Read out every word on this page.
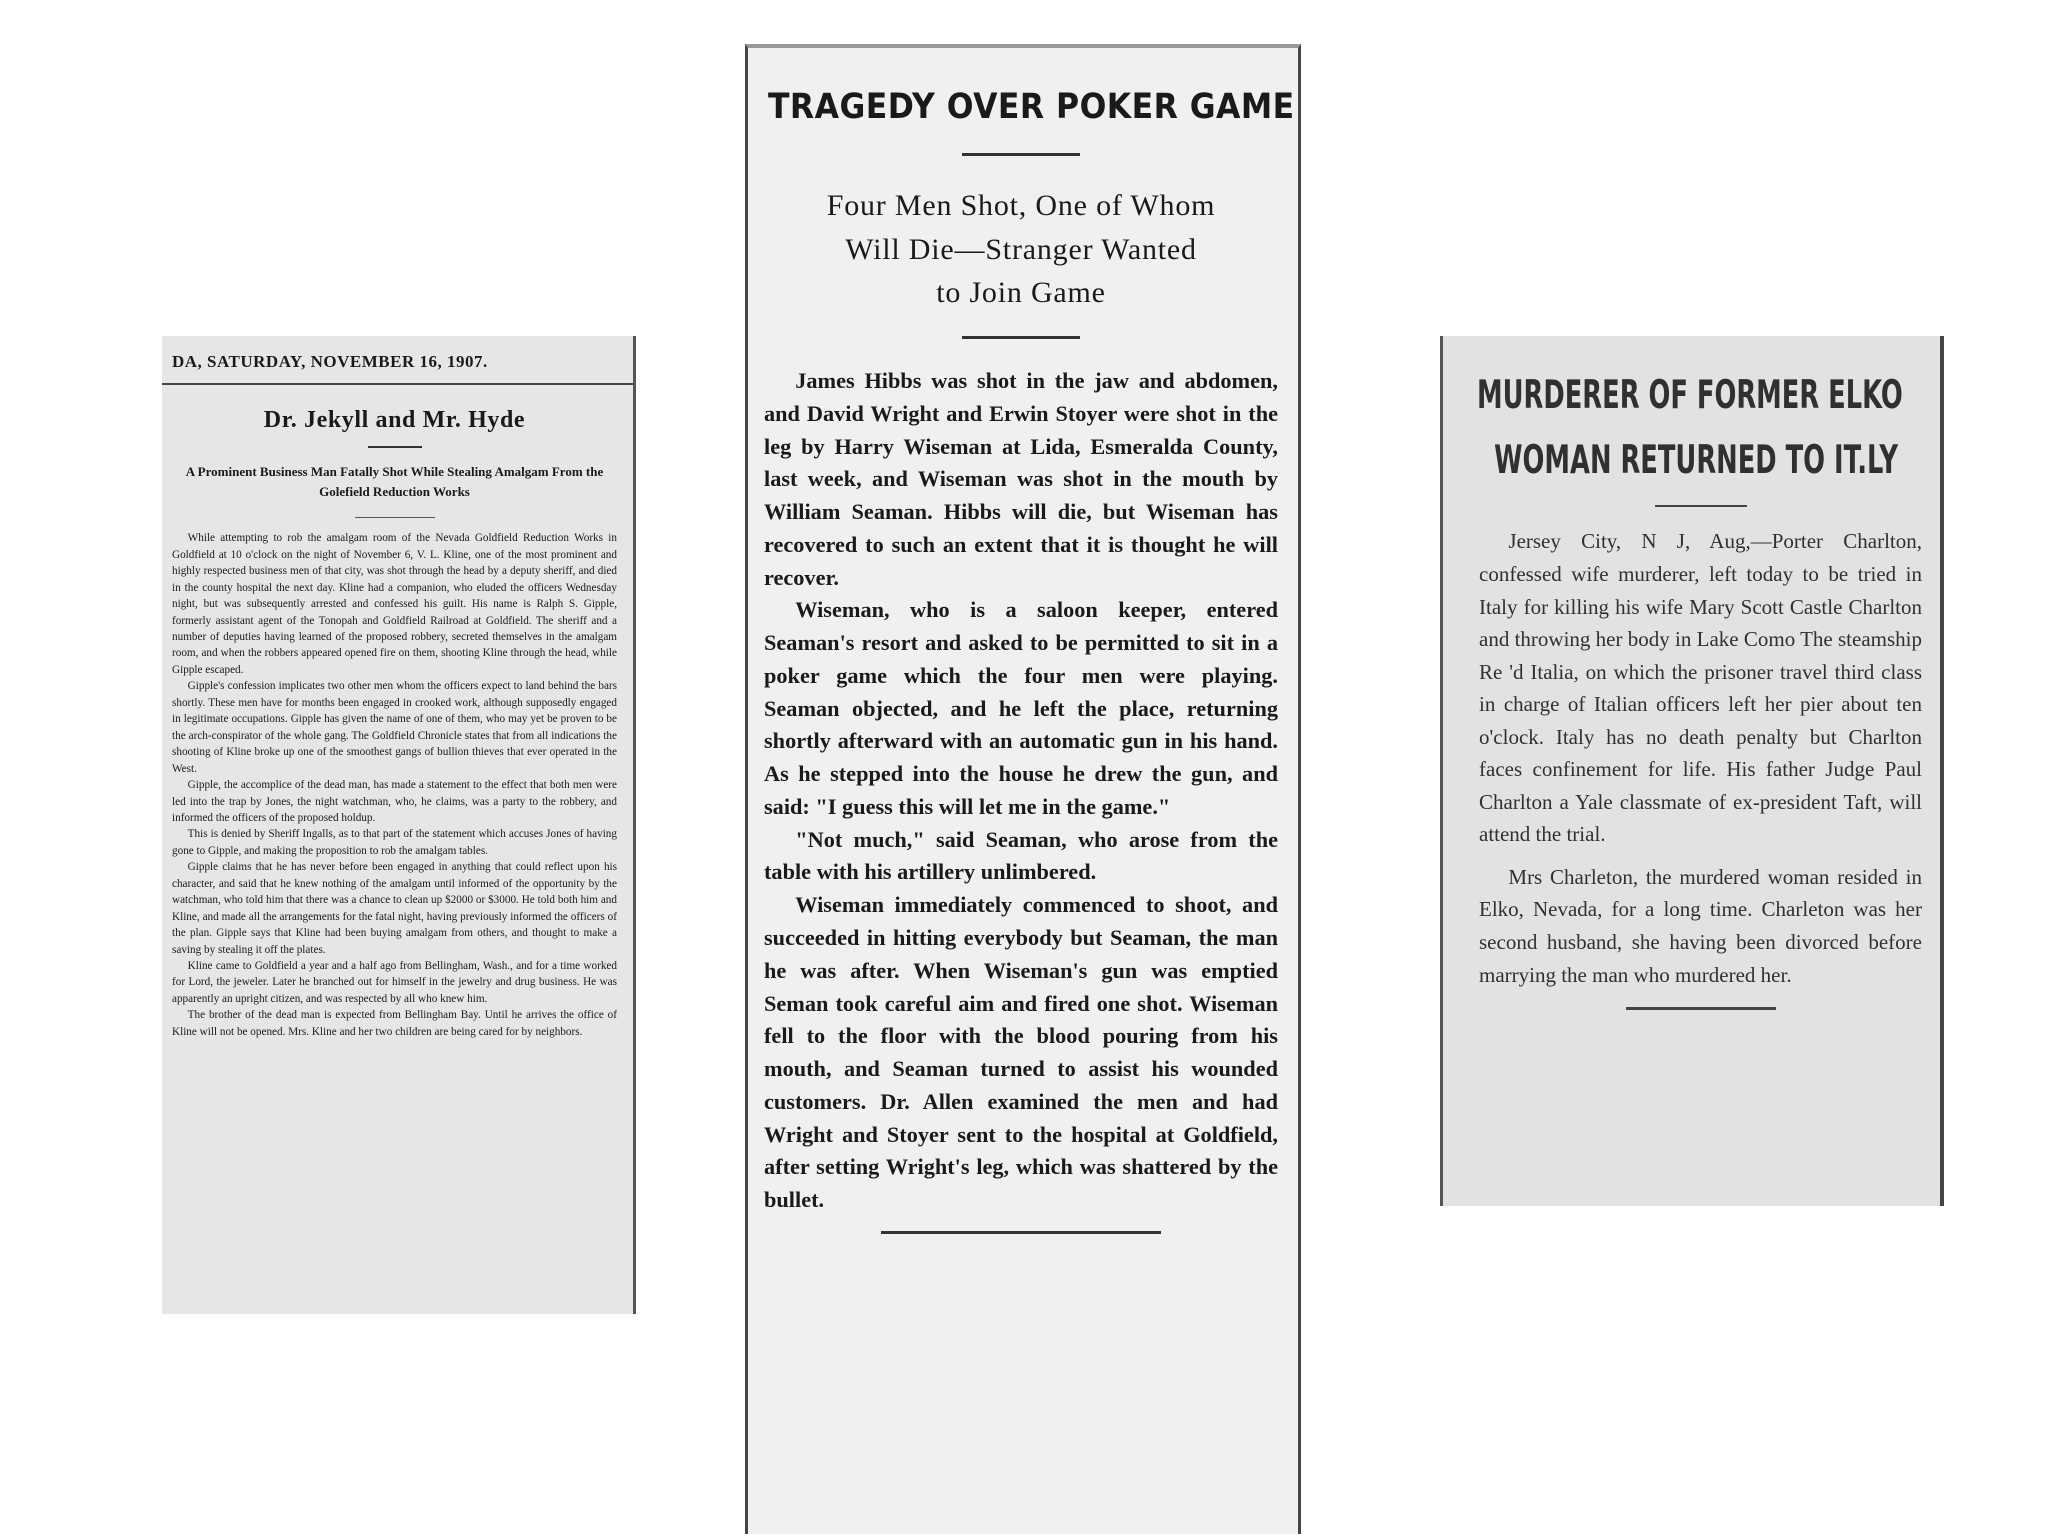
DA, SATURDAY, NOVEMBER 16, 1907.
Dr. Jekyll and Mr. Hyde
A Prominent Business Man Fatally Shot While Stealing Amalgam From the Golefield Reduction Works

While attempting to rob the amalgam room of the Nevada Goldfield Reduction Works in Goldfield at 10 o'clock on the night of November 6, V. L. Kline, one of the most prominent and highly respected business men of that city, was shot through the head by a deputy sheriff, and died in the county hospital the next day. Kline had a companion, who eluded the officers Wednesday night, but was subsequently arrested and confessed his guilt. His name is Ralph S. Gipple, formerly assistant agent of the Tonopah and Goldfield Railroad at Goldfield. The sheriff and a number of deputies having learned of the proposed robbery, secreted themselves in the amalgam room, and when the robbers appeared opened fire on them, shooting Kline through the head, while Gipple escaped.

Gipple's confession implicates two other men whom the officers expect to land behind the bars shortly. These men have for months been engaged in crooked work, although supposedly engaged in legitimate occupations. Gipple has given the name of one of them, who may yet be proven to be the arch-conspirator of the whole gang. The Goldfield Chronicle states that from all indications the shooting of Kline broke up one of the smoothest gangs of bullion thieves that ever operated in the West.

Gipple, the accomplice of the dead man, has made a statement to the effect that both men were led into the trap by Jones, the night watchman, who, he claims, was a party to the robbery, and informed the officers of the proposed holdup.

This is denied by Sheriff Ingalls, as to that part of the statement which accuses Jones of having gone to Gipple, and making the proposition to rob the amalgam tables.

Gipple claims that he has never before been engaged in anything that could reflect upon his character, and said that he knew nothing of the amalgam until informed of the opportunity by the watchman, who told him that there was a chance to clean up $2000 or $3000. He told both him and Kline, and made all the arrangements for the fatal night, having previously informed the officers of the plan. Gipple says that Kline had been buying amalgam from others, and thought to make a saving by stealing it off the plates.

Kline came to Goldfield a year and a half ago from Bellingham, Wash., and for a time worked for Lord, the jeweler. Later he branched out for himself in the jewelry and drug business. He was apparently an upright citizen, and was respected by all who knew him.

The brother of the dead man is expected from Bellingham Bay. Until he arrives the office of Kline will not be opened. Mrs. Kline and her two children are being cared for by neighbors.

TRAGEDY OVER POKER GAME
Four Men Shot, One of Whom
Will Die—Stranger Wanted
to Join Game

James Hibbs was shot in the jaw and abdomen, and David Wright and Erwin Stoyer were shot in the leg by Harry Wiseman at Lida, Esmeralda County, last week, and Wiseman was shot in the mouth by William Seaman. Hibbs will die, but Wiseman has recovered to such an extent that it is thought he will recover.

Wiseman, who is a saloon keeper, entered Seaman's resort and asked to be permitted to sit in a poker game which the four men were playing. Seaman objected, and he left the place, returning shortly afterward with an automatic gun in his hand. As he stepped into the house he drew the gun, and said: "I guess this will let me in the game."

"Not much," said Seaman, who arose from the table with his artillery unlimbered.

Wiseman immediately commenced to shoot, and succeeded in hitting everybody but Seaman, the man he was after. When Wiseman's gun was emptied Seman took careful aim and fired one shot. Wiseman fell to the floor with the blood pouring from his mouth, and Seaman turned to assist his wounded customers. Dr. Allen examined the men and had Wright and Stoyer sent to the hospital at Goldfield, after setting Wright's leg, which was shattered by the bullet.

MURDERER OF FORMER ELKO
WOMAN RETURNED TO IT.LY

Jersey City, N J, Aug,—Porter Charlton, confessed wife murderer, left today to be tried in Italy for killing his wife Mary Scott Castle Charlton and throwing her body in Lake Como The steamship Re 'd Italia, on which the prisoner travel third class in charge of Italian officers left her pier about ten o'clock. Italy has no death penalty but Charlton faces confinement for life. His father Judge Paul Charlton a Yale classmate of ex-president Taft, will attend the trial.

Mrs Charleton, the murdered woman resided in Elko, Nevada, for a long time. Charleton was her second husband, she having been divorced before marrying the man who murdered her.
